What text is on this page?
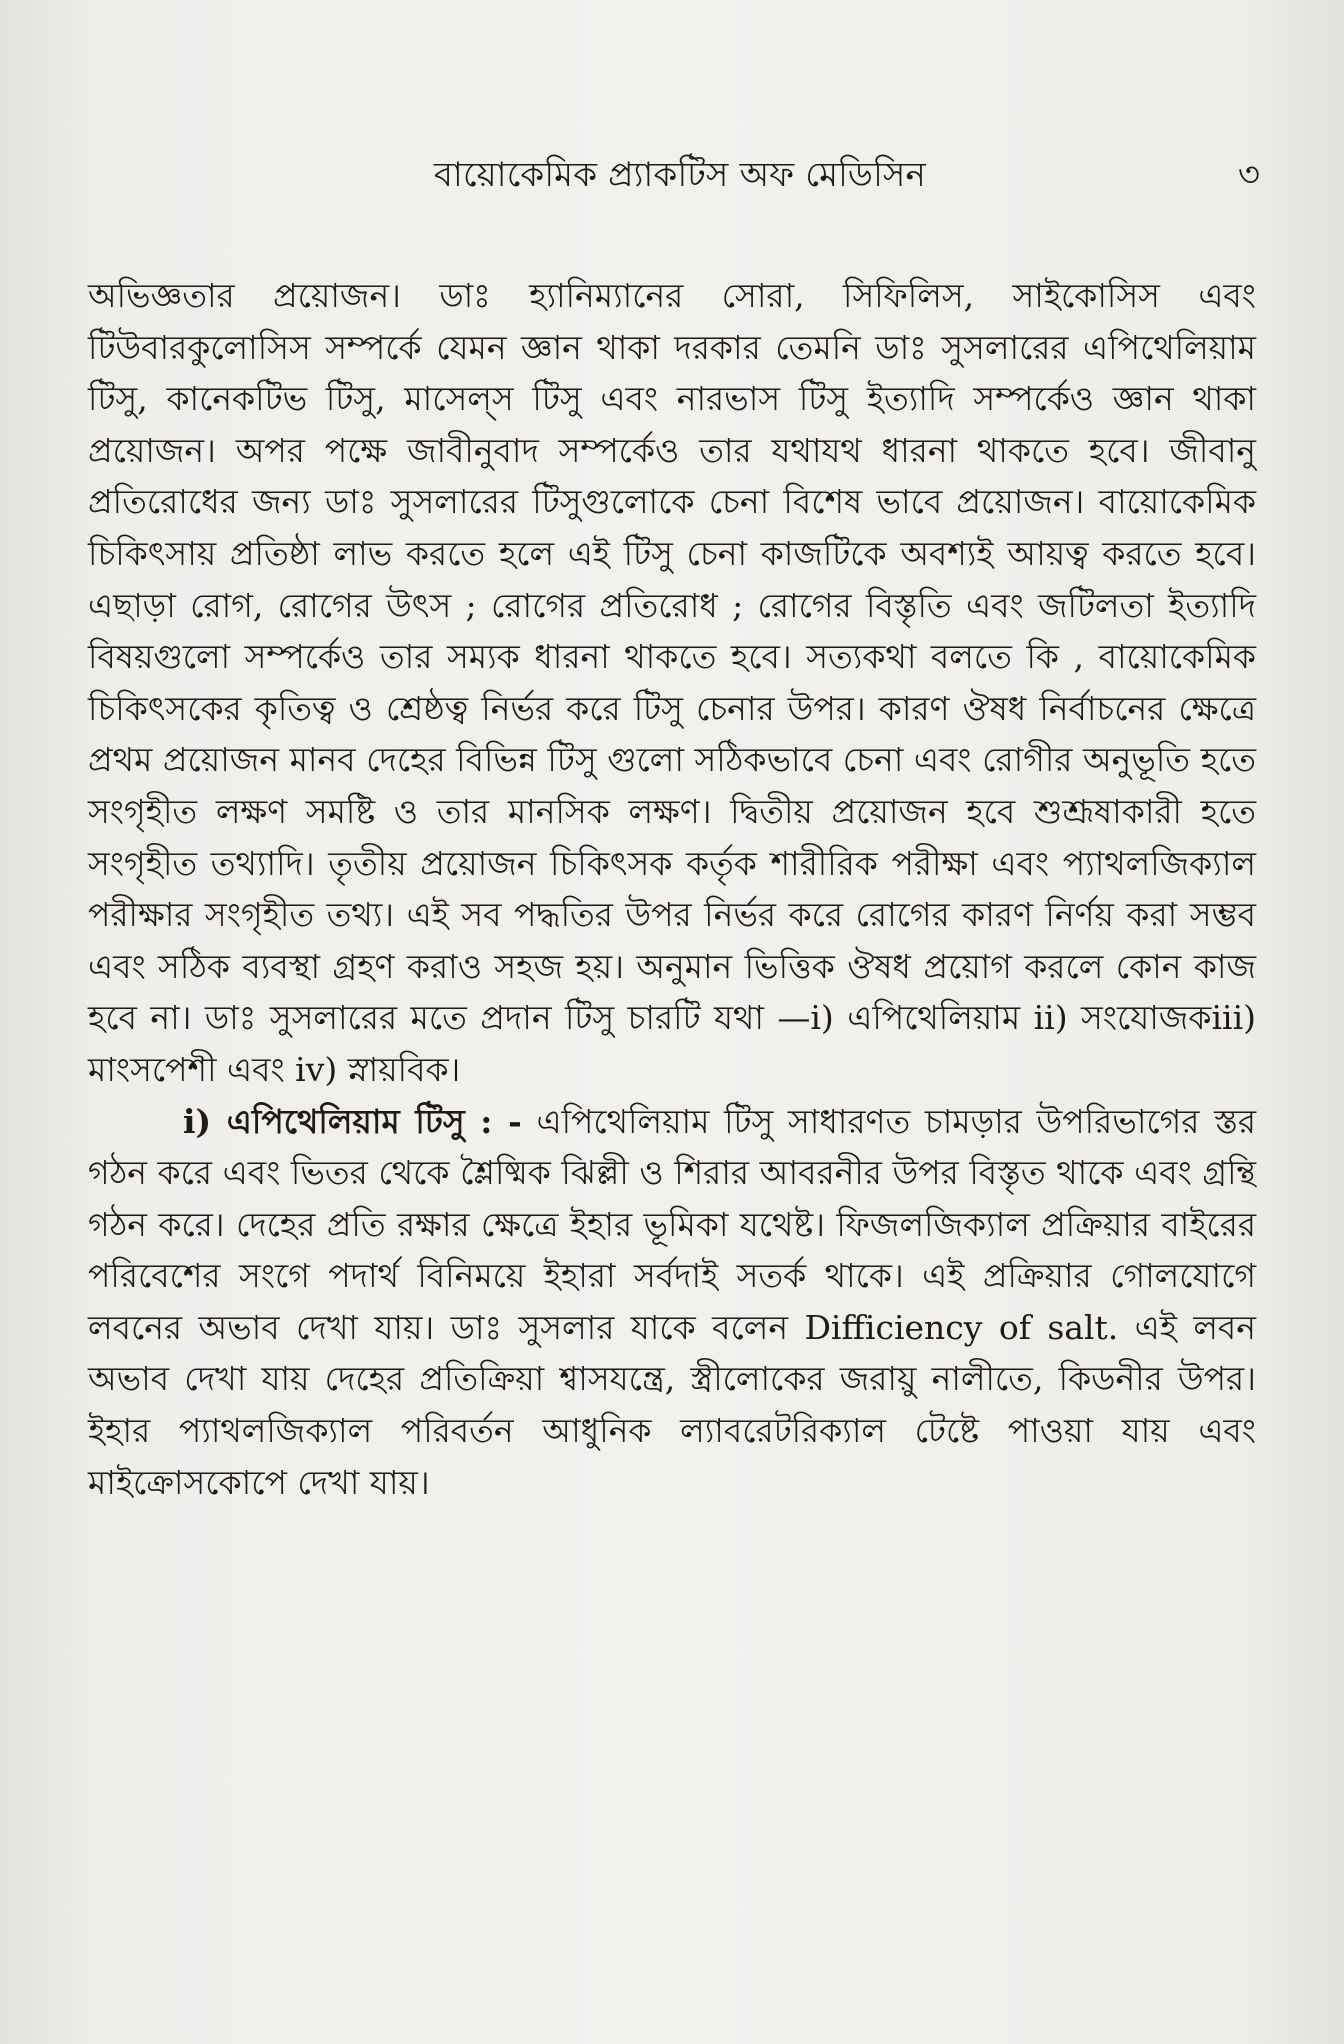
বায়োকেমিক প্র্যাকটিস অফ মেডিসিন	৩

অভিজ্ঞতার প্রয়োজন। ডাঃ হ্যানিম্যানের সোরা, সিফিলিস, সাইকোসিস এবং টিউবারকুলোসিস সম্পর্কে যেমন জ্ঞান থাকা দরকার তেমনি ডাঃ সুসলারের এপিথেলিয়াম টিসু, কানেকটিভ টিসু, মাসেল্স টিসু এবং নারভাস টিসু ইত্যাদি সম্পর্কেও জ্ঞান থাকা প্রয়োজন। অপর পক্ষে জাবীনুবাদ সম্পর্কেও তার যথাযথ ধারনা থাকতে হবে। জীবানু প্রতিরোধের জন্য ডাঃ সুসলারের টিসুগুলোকে চেনা বিশেষ ভাবে প্রয়োজন। বায়োকেমিক চিকিৎসায় প্রতিষ্ঠা লাভ করতে হলে এই টিসু চেনা কাজটিকে অবশ্যই আয়ত্ব করতে হবে। এছাড়া রোগ, রোগের উৎস ; রোগের প্রতিরোধ ; রোগের বিস্তৃতি এবং জটিলতা ইত্যাদি বিষয়গুলো সম্পর্কেও তার সম্যক ধারনা থাকতে হবে। সত্যকথা বলতে কি , বায়োকেমিক চিকিৎসকের কৃতিত্ব ও শ্রেষ্ঠত্ব নির্ভর করে টিসু চেনার উপর। কারণ ঔষধ নির্বাচনের ক্ষেত্রে প্রথম প্রয়োজন মানব দেহের বিভিন্ন টিসু গুলো সঠিকভাবে চেনা এবং রোগীর অনুভূতি হতে সংগৃহীত লক্ষণ সমষ্টি ও তার মানসিক লক্ষণ। দ্বিতীয় প্রয়োজন হবে শুশ্রূষাকারী হতে সংগৃহীত তথ্যাদি। তৃতীয় প্রয়োজন চিকিৎসক কর্তৃক শারীরিক পরীক্ষা এবং প্যাথলজিক্যাল পরীক্ষার সংগৃহীত তথ্য। এই সব পদ্ধতির উপর নির্ভর করে রোগের কারণ নির্ণয় করা সম্ভব এবং সঠিক ব্যবস্থা গ্রহণ করাও সহজ হয়। অনুমান ভিত্তিক ঔষধ প্রয়োগ করলে কোন কাজ হবে না। ডাঃ সুসলারের মতে প্রদান টিসু চারটি যথা —i) এপিথেলিয়াম ii) সংযোজকiii) মাংসপেশী এবং iv) স্নায়বিক।

i) এপিথেলিয়াম টিসু : - এপিথেলিয়াম টিসু সাধারণত চামড়ার উপরিভাগের স্তর গঠন করে এবং ভিতর থেকে শ্লৈষ্মিক ঝিল্লী ও শিরার আবরনীর উপর বিস্তৃত থাকে এবং গ্রন্থি গঠন করে। দেহের প্রতি রক্ষার ক্ষেত্রে ইহার ভূমিকা যথেষ্ট। ফিজলজিক্যাল প্রক্রিয়ার বাইরের পরিবেশের সংগে পদার্থ বিনিময়ে ইহারা সর্বদাই সতর্ক থাকে। এই প্রক্রিয়ার গোলযোগে লবনের অভাব দেখা যায়। ডাঃ সুসলার যাকে বলেন Difficiency of salt. এই লবন অভাব দেখা যায় দেহের প্রতিক্রিয়া শ্বাসযন্ত্রে, স্ত্রীলোকের জরায়ু নালীতে, কিডনীর উপর। ইহার প্যাথলজিক্যাল পরিবর্তন আধুনিক ল্যাবরেটরিক্যাল টেষ্টে পাওয়া যায় এবং মাইক্রোসকোপে দেখা যায়।
